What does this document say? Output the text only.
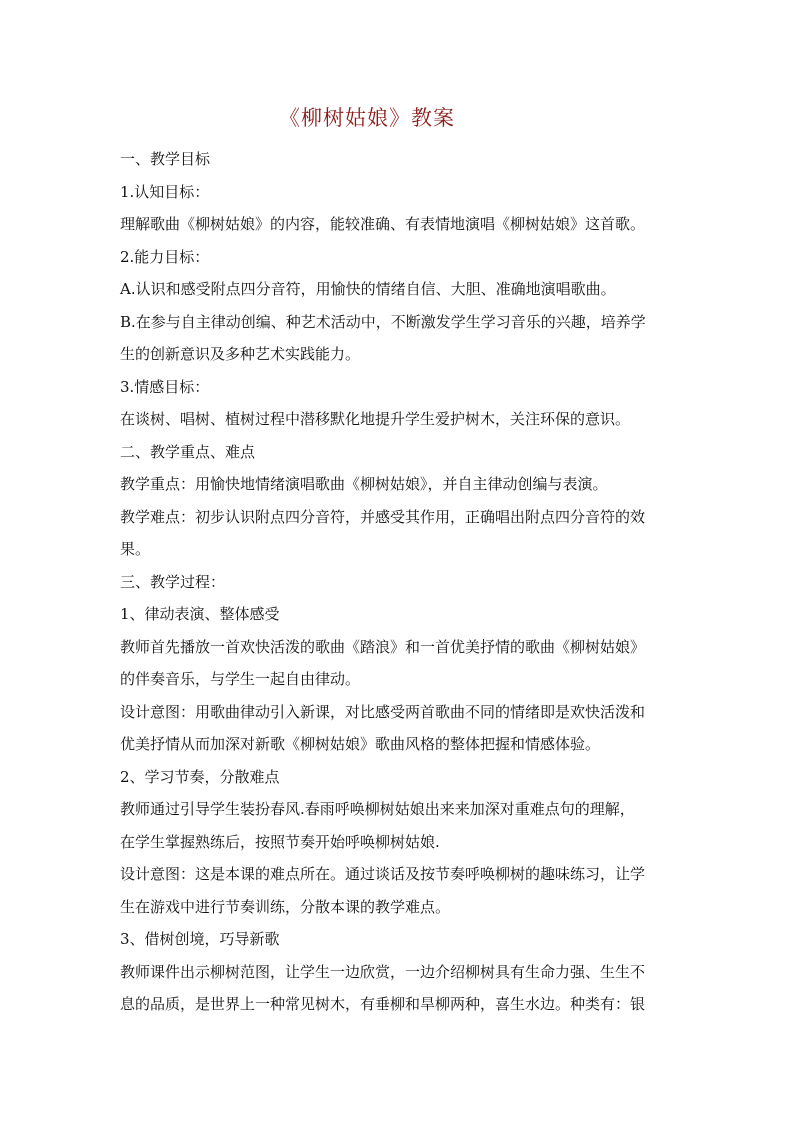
《柳树姑娘》教案
一、教学目标
1.认知目标：
理解歌曲《柳树姑娘》的内容，能较准确、有表情地演唱《柳树姑娘》这首歌。
2.能力目标：
A.认识和感受附点四分音符，用愉快的情绪自信、大胆、准确地演唱歌曲。
B.在参与自主律动创编、种艺术活动中，不断激发学生学习音乐的兴趣，培养学
生的创新意识及多种艺术实践能力。
3.情感目标：
在谈树、唱树、植树过程中潜移默化地提升学生爱护树木，关注环保的意识。
二、教学重点、难点
教学重点：用愉快地情绪演唱歌曲《柳树姑娘》，并自主律动创编与表演。
教学难点：初步认识附点四分音符，并感受其作用，正确唱出附点四分音符的效
果。
三、教学过程：
1、律动表演、整体感受
教师首先播放一首欢快活泼的歌曲《踏浪》和一首优美抒情的歌曲《柳树姑娘》
的伴奏音乐，与学生一起自由律动。
设计意图：用歌曲律动引入新课，对比感受两首歌曲不同的情绪即是欢快活泼和
优美抒情从而加深对新歌《柳树姑娘》歌曲风格的整体把握和情感体验。
2、学习节奏，分散难点
教师通过引导学生装扮春风.春雨呼唤柳树姑娘出来来加深对重难点句的理解，
在学生掌握熟练后，按照节奏开始呼唤柳树姑娘.
设计意图：这是本课的难点所在。通过谈话及按节奏呼唤柳树的趣味练习，让学
生在游戏中进行节奏训练，分散本课的教学难点。
3、借树创境，巧导新歌
教师课件出示柳树范图，让学生一边欣赏，一边介绍柳树具有生命力强、生生不
息的品质，是世界上一种常见树木，有垂柳和旱柳两种，喜生水边。种类有：银
